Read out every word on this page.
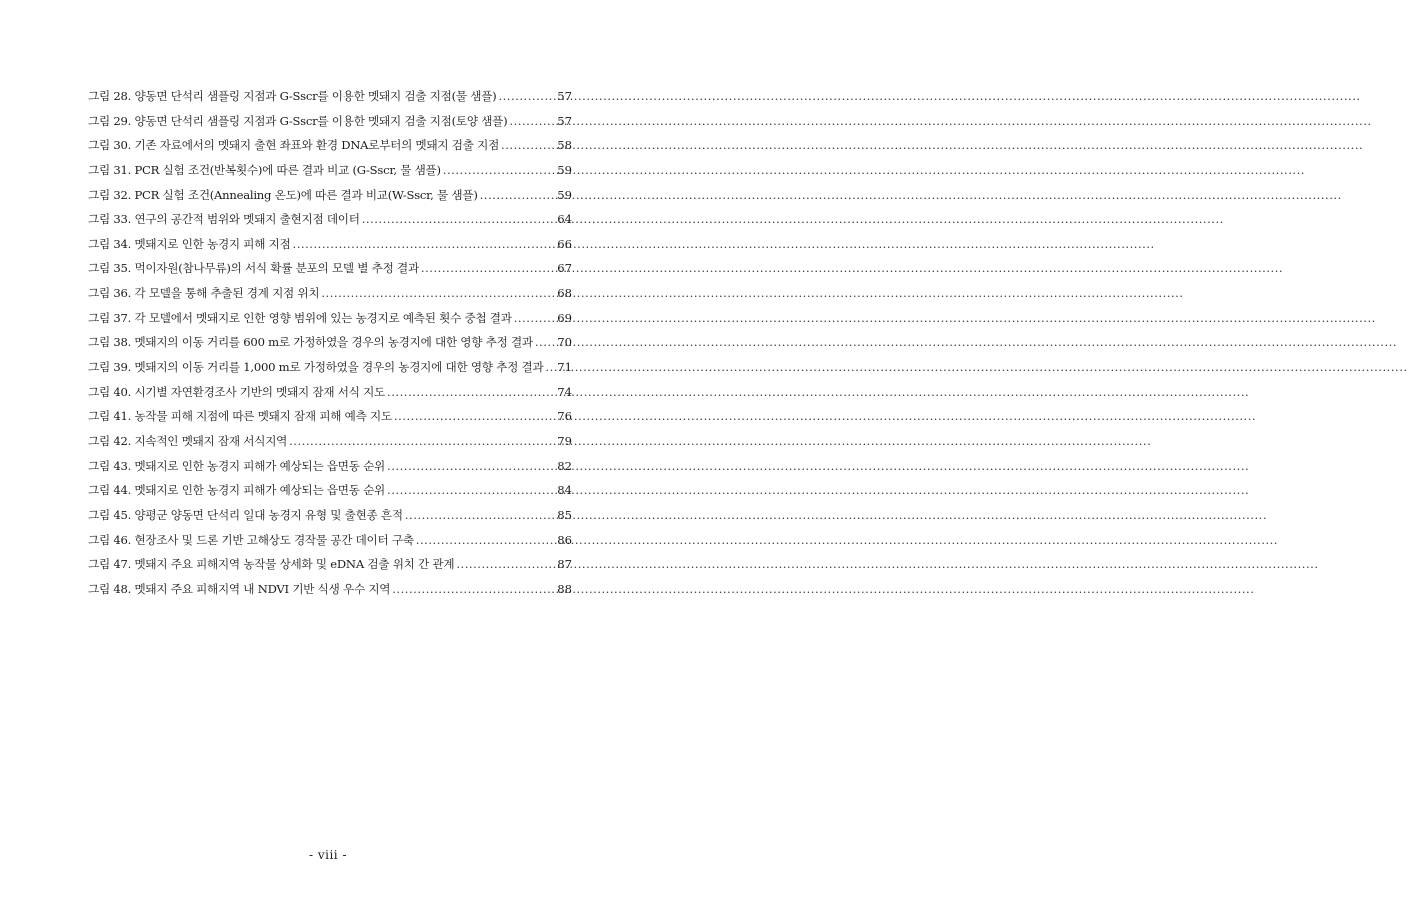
그림 28. 양동면 단석리 샘플링 지점과 G-Sscr를 이용한 멧돼지 검출 지점(물 샘플) .....	57
그림 29. 양동면 단석리 샘플링 지점과 G-Sscr를 이용한 멧돼지 검출 지점(토양 샘플) .....	57
그림 30. 기존 자료에서의 멧돼지 출현 좌표와 환경 DNA로부터의 멧돼지 검출 지점 .....	58
그림 31. PCR 실험 조건(반복횟수)에 따른 결과 비교 (G-Sscr, 물 샘플) .....	59
그림 32. PCR 실험 조건(Annealing 온도)에 따른 결과 비교(W-Sscr, 물 샘플) .....	59
그림 33. 연구의 공간적 범위와 멧돼지 출현지점 데이터 .....	64
그림 34. 멧돼지로 인한 농경지 피해 지점 .....	66
그림 35. 먹이자원(참나무류)의 서식 확률 분포의 모델 별 추정 결과 .....	67
그림 36. 각 모델을 통해 추출된 경계 지점 위치 .....	68
그림 37. 각 모델에서 멧돼지로 인한 영향 범위에 있는 농경지로 예측된 횟수 중첩 결과 .....	69
그림 38. 멧돼지의 이동 거리를 600 m로 가정하였을 경우의 농경지에 대한 영향 추정 결과 ..... 70
그림 39. 멧돼지의 이동 거리를 1,000 m로 가정하였을 경우의 농경지에 대한 영향 추정 결과 ..... 71
그림 40. 시기별 자연환경조사 기반의 멧돼지 잠재 서식 지도 .....	74
그림 41. 농작물 피해 지점에 따른 멧돼지 잠재 피해 예측 지도 .....	76
그림 42. 지속적인 멧돼지 잠재 서식지역 .....	79
그림 43. 멧돼지로 인한 농경지 피해가 예상되는 읍면동 순위 .....	82
그림 44. 멧돼지로 인한 농경지 피해가 예상되는 읍면동 순위 .....	84
그림 45. 양평군 양동면 단석리 일대 농경지 유형 및 출현종 흔적 .....	85
그림 46. 현장조사 및 드론 기반 고해상도 경작물 공간 데이터 구축 .....	86
그림 47. 멧돼지 주요 피해지역 농작물 상세화 및 eDNA 검출 위치 간 관계 .....	87
그림 48. 멧돼지 주요 피해지역 내 NDVI 기반 식생 우수 지역 .....	88
- viii -
